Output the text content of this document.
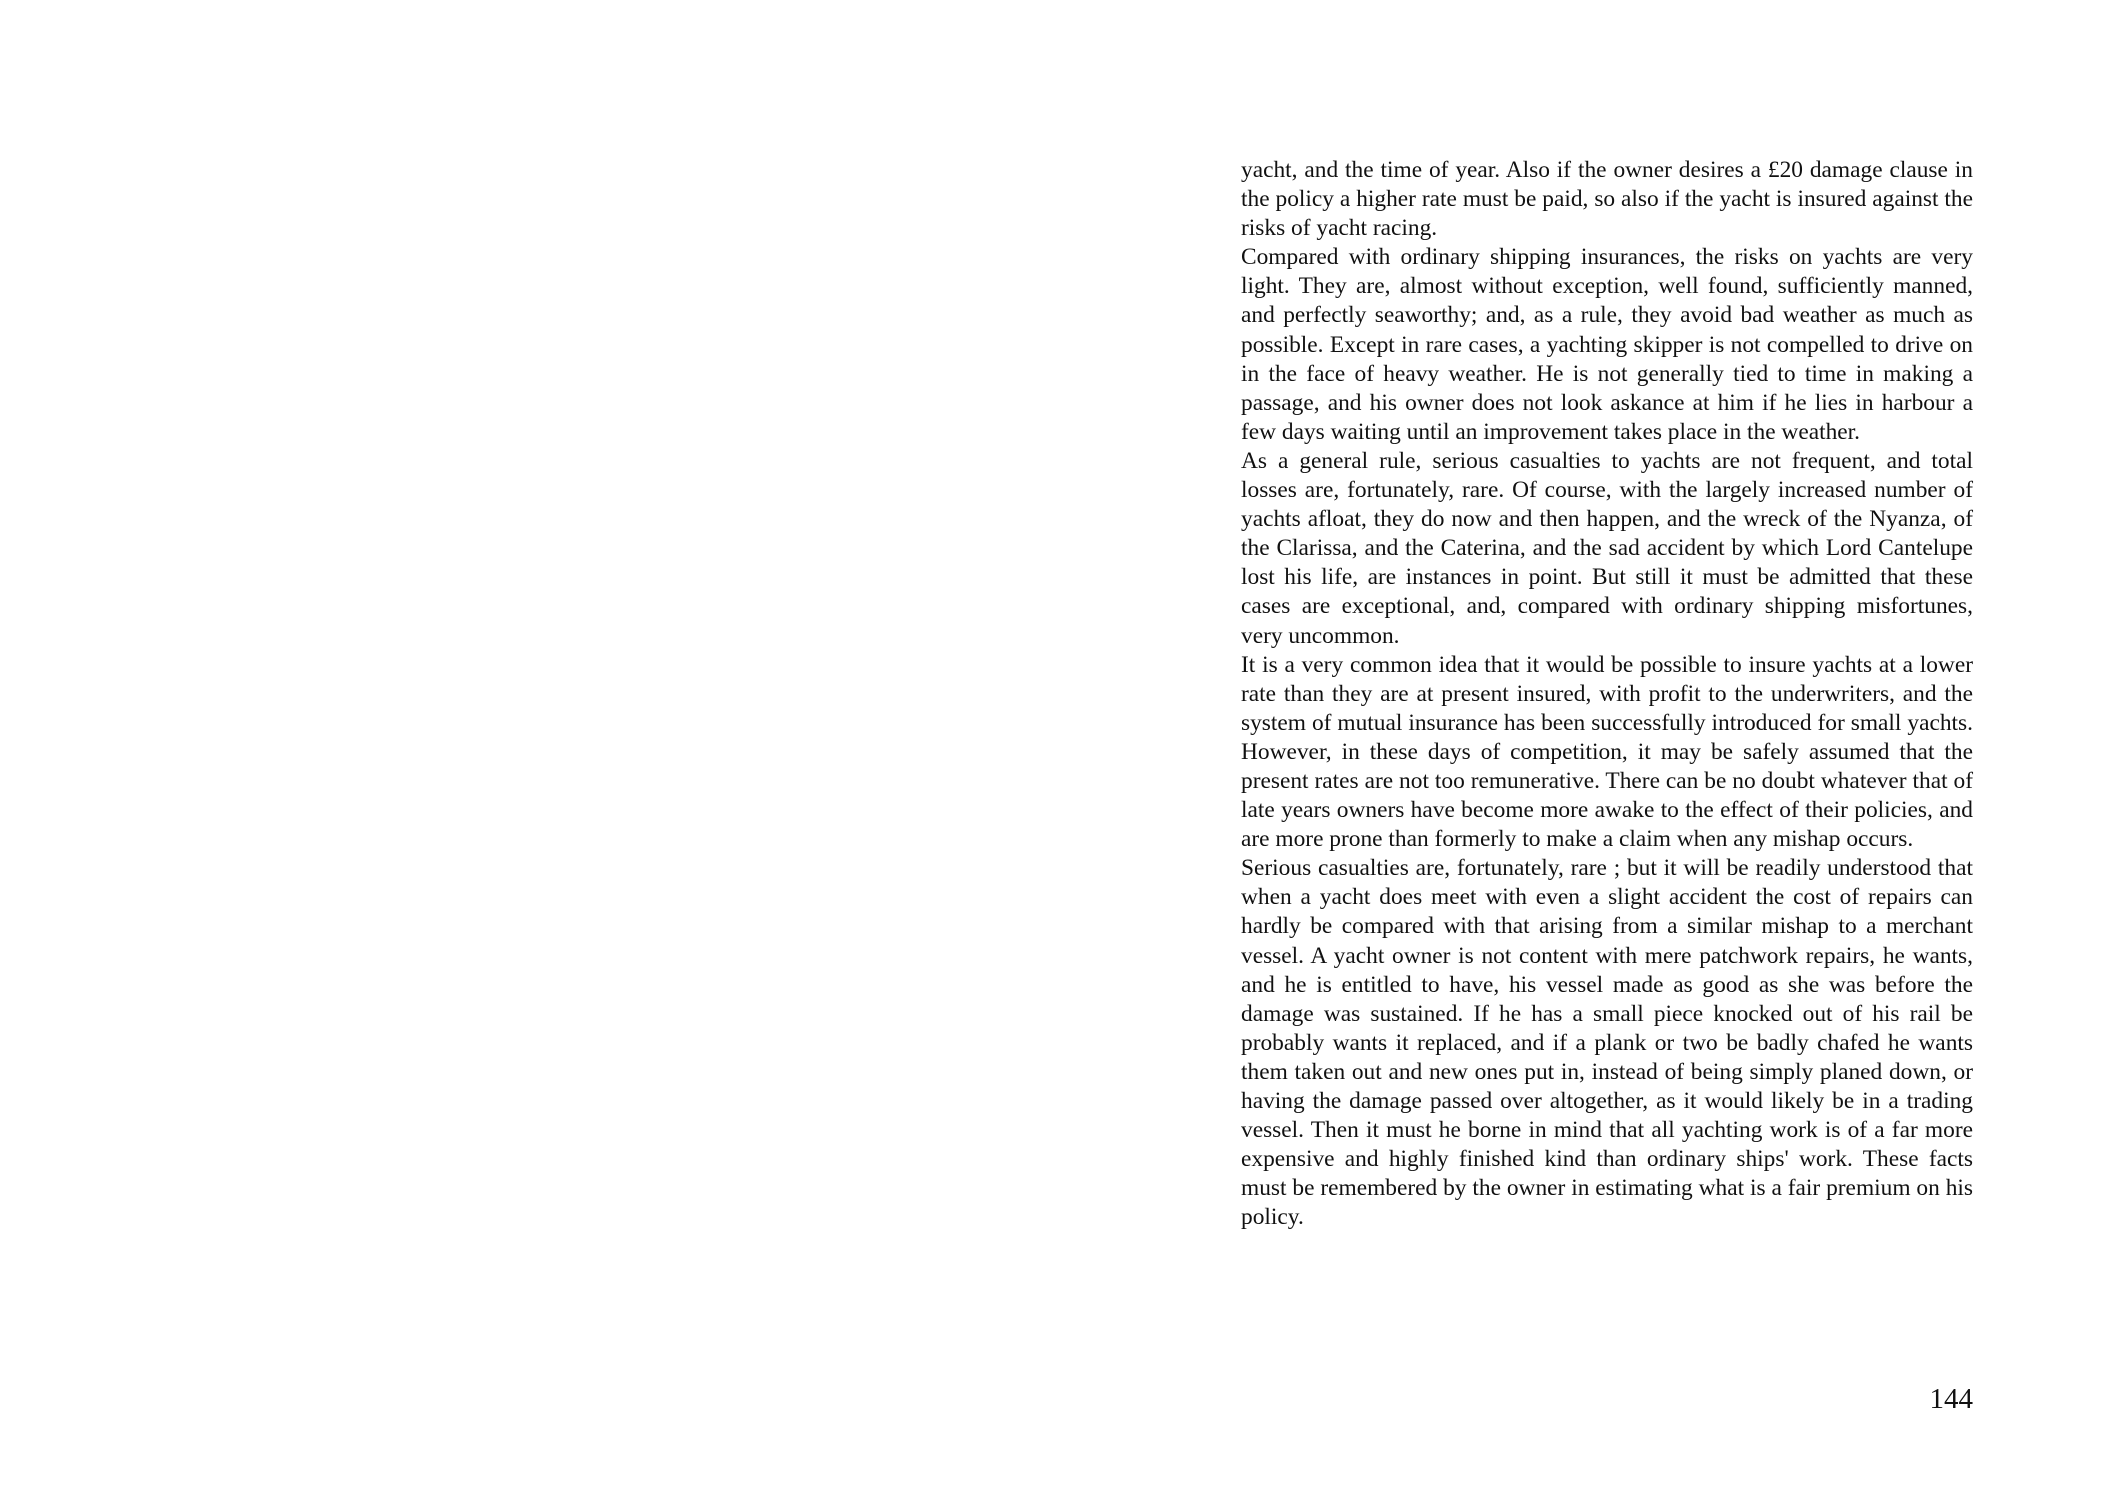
yacht, and the time of year. Also if the owner desires a £20 damage clause in the policy a higher rate must be paid, so also if the yacht is insured against the risks of yacht racing.

Compared with ordinary shipping insurances, the risks on yachts are very light. They are, almost without exception, well found, sufficiently manned, and perfectly seaworthy; and, as a rule, they avoid bad weather as much as possible. Except in rare cases, a yachting skipper is not compelled to drive on in the face of heavy weather. He is not generally tied to time in making a passage, and his owner does not look askance at him if he lies in harbour a few days waiting until an improvement takes place in the weather.

As a general rule, serious casualties to yachts are not frequent, and total losses are, fortunately, rare. Of course, with the largely increased number of yachts afloat, they do now and then happen, and the wreck of the Nyanza, of the Clarissa, and the Caterina, and the sad accident by which Lord Cantelupe lost his life, are instances in point. But still it must be admitted that these cases are exceptional, and, compared with ordinary shipping misfortunes, very uncommon.

It is a very common idea that it would be possible to insure yachts at a lower rate than they are at present insured, with profit to the underwriters, and the system of mutual insurance has been successfully introduced for small yachts. However, in these days of competition, it may be safely assumed that the present rates are not too remunerative. There can be no doubt whatever that of late years owners have become more awake to the effect of their policies, and are more prone than formerly to make a claim when any mishap occurs.

Serious casualties are, fortunately, rare ; but it will be readily understood that when a yacht does meet with even a slight accident the cost of repairs can hardly be compared with that arising from a similar mishap to a merchant vessel. A yacht owner is not content with mere patchwork repairs, he wants, and he is entitled to have, his vessel made as good as she was before the damage was sustained. If he has a small piece knocked out of his rail be probably wants it replaced, and if a plank or two be badly chafed he wants them taken out and new ones put in, instead of being simply planed down, or having the damage passed over altogether, as it would likely be in a trading vessel. Then it must he borne in mind that all yachting work is of a far more expensive and highly finished kind than ordinary ships' work. These facts must be remembered by the owner in estimating what is a fair premium on his policy.

144
